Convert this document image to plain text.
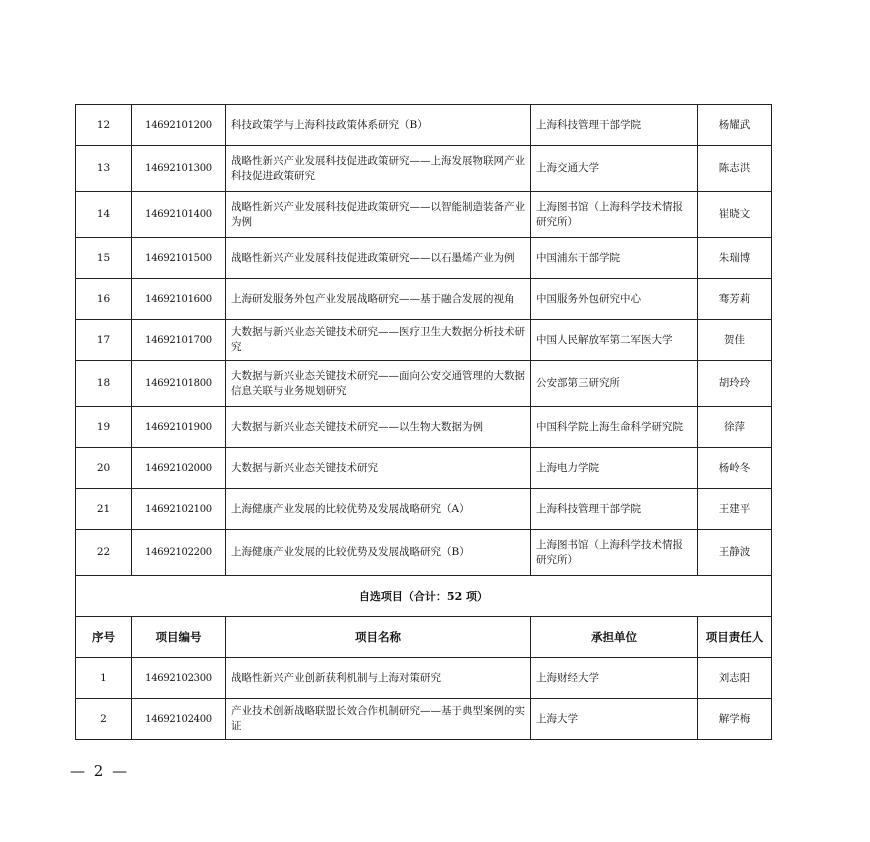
12	14692101200	科技政策学与上海科技政策体系研究（B）	上海科技管理干部学院	杨耀武
13	14692101300	战略性新兴产业发展科技促进政策研究——上海发展物联网产业科技促进政策研究	上海交通大学	陈志洪
14	14692101400	战略性新兴产业发展科技促进政策研究——以智能制造装备产业为例	上海图书馆（上海科学技术情报研究所）	崔晓文
15	14692101500	战略性新兴产业发展科技促进政策研究——以石墨烯产业为例	中国浦东干部学院	朱瑞博
16	14692101600	上海研发服务外包产业发展战略研究——基于融合发展的视角	中国服务外包研究中心	骞芳莉
17	14692101700	大数据与新兴业态关键技术研究——医疗卫生大数据分析技术研究	中国人民解放军第二军医大学	贺佳
18	14692101800	大数据与新兴业态关键技术研究——面向公安交通管理的大数据信息关联与业务规划研究	公安部第三研究所	胡玲玲
19	14692101900	大数据与新兴业态关键技术研究——以生物大数据为例	中国科学院上海生命科学研究院	徐萍
20	14692102000	大数据与新兴业态关键技术研究	上海电力学院	杨岭冬
21	14692102100	上海健康产业发展的比较优势及发展战略研究（A）	上海科技管理干部学院	王建平
22	14692102200	上海健康产业发展的比较优势及发展战略研究（B）	上海图书馆（上海科学技术情报研究所）	王静波
自选项目（合计：52 项）				
序号	项目编号	项目名称	承担单位	项目责任人
1	14692102300	战略性新兴产业创新获利机制与上海对策研究	上海财经大学	刘志阳
2	14692102400	产业技术创新战略联盟长效合作机制研究——基于典型案例的实证	上海大学	解学梅
— 2 —
